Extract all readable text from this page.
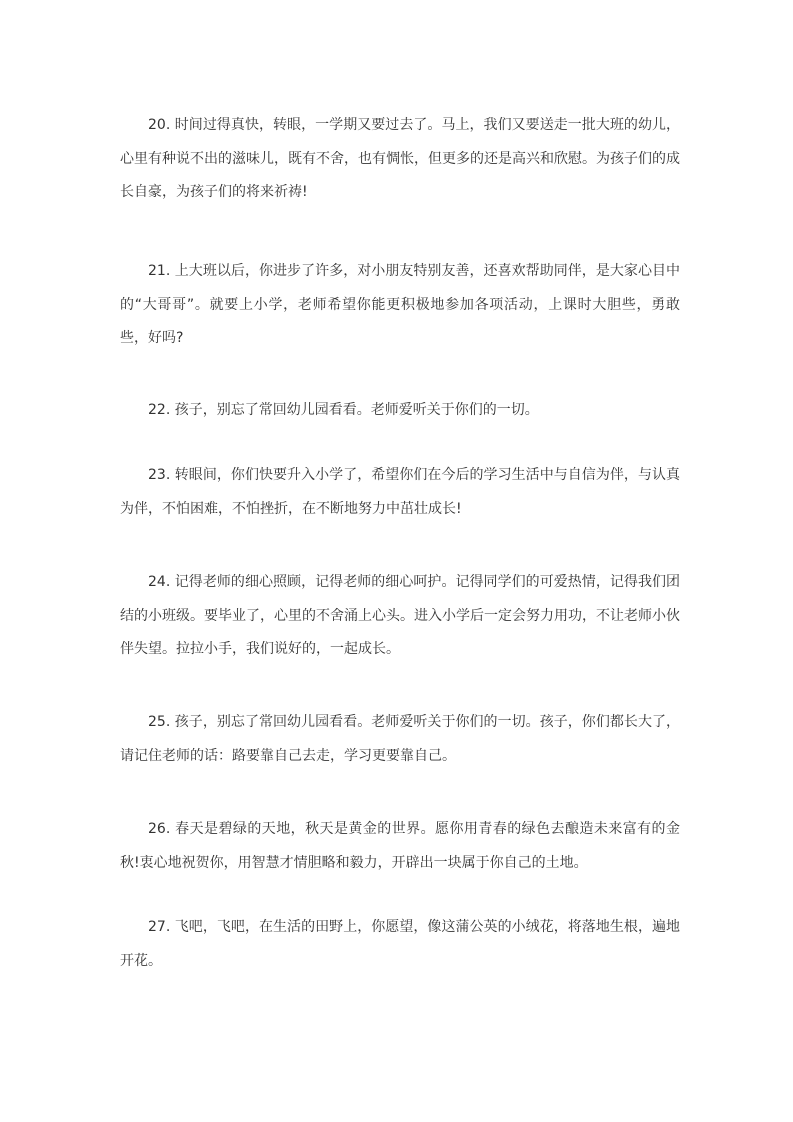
20. 时间过得真快，转眼，一学期又要过去了。马上，我们又要送走一批大班的幼儿，心里有种说不出的滋味儿，既有不舍，也有惆怅，但更多的还是高兴和欣慰。为孩子们的成长自豪，为孩子们的将来祈祷!

21. 上大班以后，你进步了许多，对小朋友特别友善，还喜欢帮助同伴，是大家心目中的“大哥哥”。就要上小学，老师希望你能更积极地参加各项活动，上课时大胆些，勇敢些，好吗?

22. 孩子，别忘了常回幼儿园看看。老师爱听关于你们的一切。

23. 转眼间，你们快要升入小学了，希望你们在今后的学习生活中与自信为伴，与认真为伴，不怕困难，不怕挫折，在不断地努力中茁壮成长!

24. 记得老师的细心照顾，记得老师的细心呵护。记得同学们的可爱热情，记得我们团结的小班级。要毕业了，心里的不舍涌上心头。进入小学后一定会努力用功，不让老师小伙伴失望。拉拉小手，我们说好的，一起成长。

25. 孩子，别忘了常回幼儿园看看。老师爱听关于你们的一切。孩子，你们都长大了，请记住老师的话：路要靠自己去走，学习更要靠自己。

26. 春天是碧绿的天地，秋天是黄金的世界。愿你用青春的绿色去酿造未来富有的金秋!衷心地祝贺你，用智慧才情胆略和毅力，开辟出一块属于你自己的土地。

27. 飞吧，飞吧，在生活的田野上，你愿望，像这蒲公英的小绒花，将落地生根，遍地开花。
